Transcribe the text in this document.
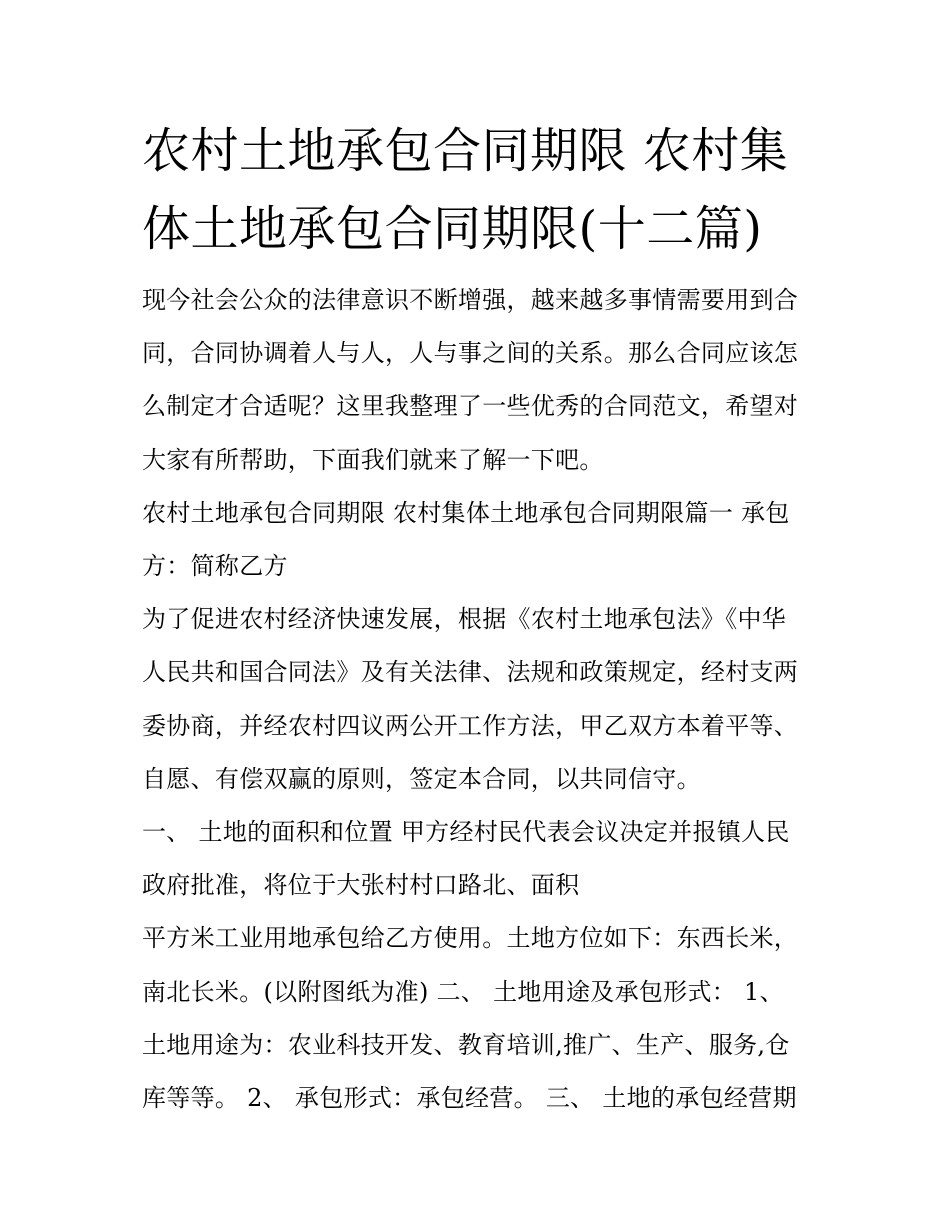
农村土地承包合同期限 农村集
体土地承包合同期限(十二篇)
现今社会公众的法律意识不断增强，越来越多事情需要用到合
同，合同协调着人与人，人与事之间的关系。那么合同应该怎
么制定才合适呢？这里我整理了一些优秀的合同范文，希望对
大家有所帮助，下面我们就来了解一下吧。
农村土地承包合同期限 农村集体土地承包合同期限篇一 承包
方：简称乙方
为了促进农村经济快速发展，根据《农村土地承包法》《中华
人民共和国合同法》及有关法律、法规和政策规定，经村支两
委协商，并经农村四议两公开工作方法，甲乙双方本着平等、
自愿、有偿双赢的原则，签定本合同，以共同信守。
一、 土地的面积和位置 甲方经村民代表会议决定并报镇人民
政府批准，将位于大张村村口路北、面积
平方米工业用地承包给乙方使用。土地方位如下：东西长米，
南北长米。(以附图纸为准) 二、 土地用途及承包形式： 1、
土地用途为：农业科技开发、教育培训,推广、生产、服务,仓
库等等。 2、 承包形式：承包经营。 三、 土地的承包经营期
